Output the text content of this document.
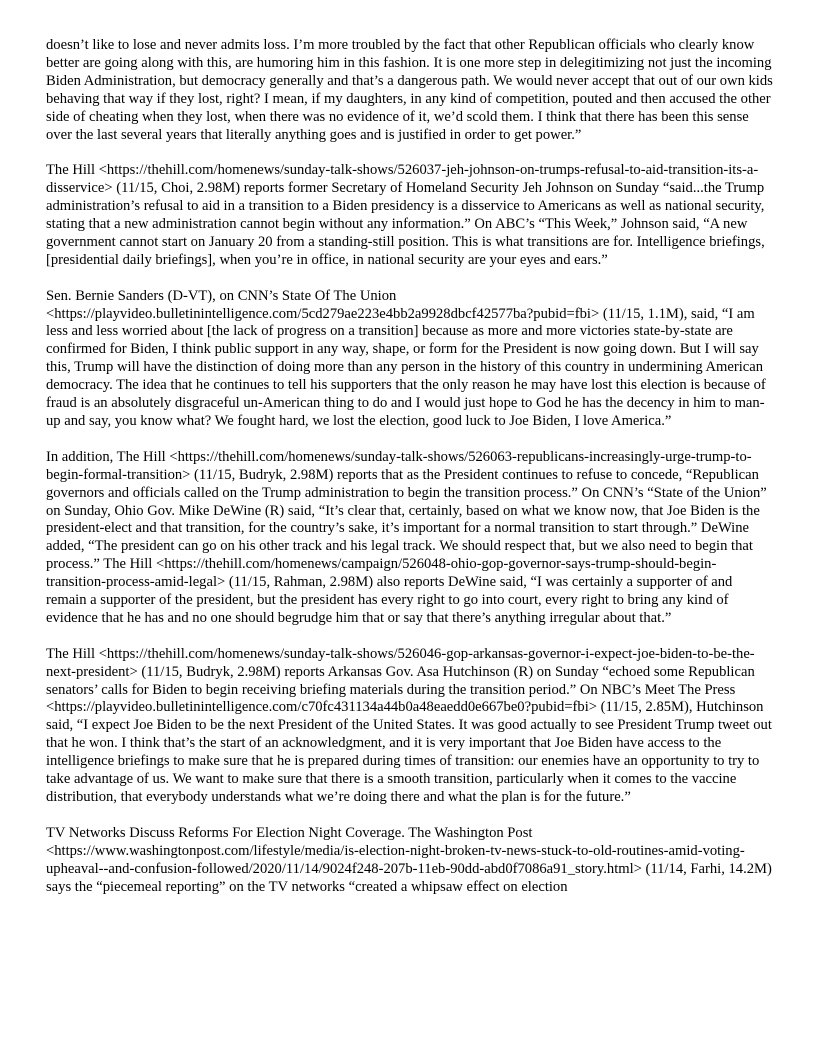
doesn’t like to lose and never admits loss. I’m more troubled by the fact that other Republican officials who clearly know better are going along with this, are humoring him in this fashion. It is one more step in delegitimizing not just the incoming Biden Administration, but democracy generally and that’s a dangerous path. We would never accept that out of our own kids behaving that way if they lost, right? I mean, if my daughters, in any kind of competition, pouted and then accused the other side of cheating when they lost, when there was no evidence of it, we’d scold them. I think that there has been this sense over the last several years that literally anything goes and is justified in order to get power.”

The Hill <https://thehill.com/homenews/sunday-talk-shows/526037-jeh-johnson-on-trumps-refusal-to-aid-transition-its-a-disservice> (11/15, Choi, 2.98M) reports former Secretary of Homeland Security Jeh Johnson on Sunday “said...the Trump administration’s refusal to aid in a transition to a Biden presidency is a disservice to Americans as well as national security, stating that a new administration cannot begin without any information.” On ABC’s “This Week,” Johnson said, “A new government cannot start on January 20 from a standing-still position. This is what transitions are for. Intelligence briefings, [presidential daily briefings], when you’re in office, in national security are your eyes and ears.”

Sen. Bernie Sanders (D-VT), on CNN’s State Of The Union <https://playvideo.bulletinintelligence.com/5cd279ae223e4bb2a9928dbcf42577ba?pubid=fbi> (11/15, 1.1M), said, “I am less and less worried about [the lack of progress on a transition] because as more and more victories state-by-state are confirmed for Biden, I think public support in any way, shape, or form for the President is now going down. But I will say this, Trump will have the distinction of doing more than any person in the history of this country in undermining American democracy. The idea that he continues to tell his supporters that the only reason he may have lost this election is because of fraud is an absolutely disgraceful un-American thing to do and I would just hope to God he has the decency in him to man-up and say, you know what? We fought hard, we lost the election, good luck to Joe Biden, I love America.”

In addition, The Hill <https://thehill.com/homenews/sunday-talk-shows/526063-republicans-increasingly-urge-trump-to-begin-formal-transition> (11/15, Budryk, 2.98M) reports that as the President continues to refuse to concede, “Republican governors and officials called on the Trump administration to begin the transition process.” On CNN’s “State of the Union” on Sunday, Ohio Gov. Mike DeWine (R) said, “It’s clear that, certainly, based on what we know now, that Joe Biden is the president-elect and that transition, for the country’s sake, it’s important for a normal transition to start through.” DeWine added, “The president can go on his other track and his legal track. We should respect that, but we also need to begin that process.” The Hill <https://thehill.com/homenews/campaign/526048-ohio-gop-governor-says-trump-should-begin-transition-process-amid-legal> (11/15, Rahman, 2.98M) also reports DeWine said, “I was certainly a supporter of and remain a supporter of the president, but the president has every right to go into court, every right to bring any kind of evidence that he has and no one should begrudge him that or say that there’s anything irregular about that.”

The Hill <https://thehill.com/homenews/sunday-talk-shows/526046-gop-arkansas-governor-i-expect-joe-biden-to-be-the-next-president> (11/15, Budryk, 2.98M) reports Arkansas Gov. Asa Hutchinson (R) on Sunday “echoed some Republican senators’ calls for Biden to begin receiving briefing materials during the transition period.” On NBC’s Meet The Press <https://playvideo.bulletinintelligence.com/c70fc431134a44b0a48eaedd0e667be0?pubid=fbi> (11/15, 2.85M), Hutchinson said, “I expect Joe Biden to be the next President of the United States. It was good actually to see President Trump tweet out that he won. I think that’s the start of an acknowledgment, and it is very important that Joe Biden have access to the intelligence briefings to make sure that he is prepared during times of transition: our enemies have an opportunity to try to take advantage of us. We want to make sure that there is a smooth transition, particularly when it comes to the vaccine distribution, that everybody understands what we’re doing there and what the plan is for the future.”

TV Networks Discuss Reforms For Election Night Coverage. The Washington Post <https://www.washingtonpost.com/lifestyle/media/is-election-night-broken-tv-news-stuck-to-old-routines-amid-voting-upheaval--and-confusion-followed/2020/11/14/9024f248-207b-11eb-90dd-abd0f7086a91_story.html> (11/14, Farhi, 14.2M) says the “piecemeal reporting” on the TV networks “created a whipsaw effect on election
